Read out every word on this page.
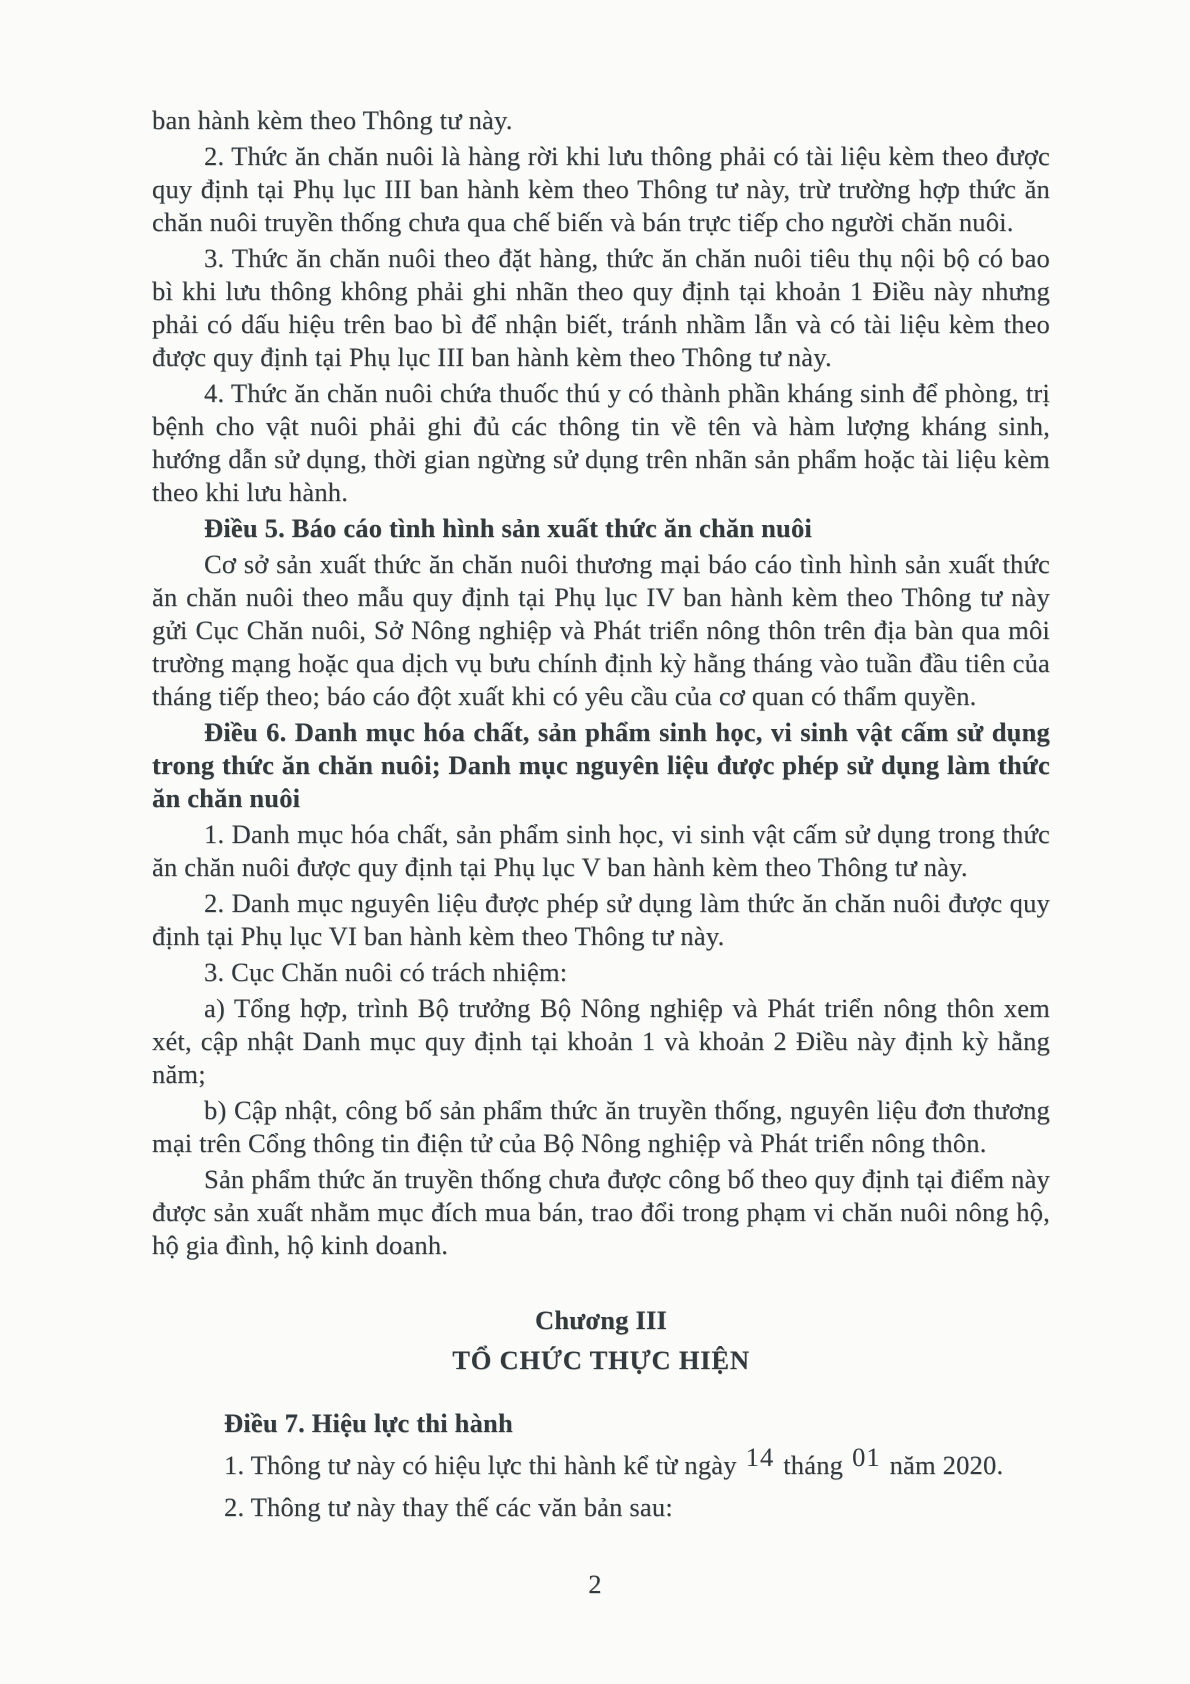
ban hành kèm theo Thông tư này.

2. Thức ăn chăn nuôi là hàng rời khi lưu thông phải có tài liệu kèm theo được quy định tại Phụ lục III ban hành kèm theo Thông tư này, trừ trường hợp thức ăn chăn nuôi truyền thống chưa qua chế biến và bán trực tiếp cho người chăn nuôi.

3. Thức ăn chăn nuôi theo đặt hàng, thức ăn chăn nuôi tiêu thụ nội bộ có bao bì khi lưu thông không phải ghi nhãn theo quy định tại khoản 1 Điều này nhưng phải có dấu hiệu trên bao bì để nhận biết, tránh nhầm lẫn và có tài liệu kèm theo được quy định tại Phụ lục III ban hành kèm theo Thông tư này.

4. Thức ăn chăn nuôi chứa thuốc thú y có thành phần kháng sinh để phòng, trị bệnh cho vật nuôi phải ghi đủ các thông tin về tên và hàm lượng kháng sinh, hướng dẫn sử dụng, thời gian ngừng sử dụng trên nhãn sản phẩm hoặc tài liệu kèm theo khi lưu hành.

Điều 5. Báo cáo tình hình sản xuất thức ăn chăn nuôi

Cơ sở sản xuất thức ăn chăn nuôi thương mại báo cáo tình hình sản xuất thức ăn chăn nuôi theo mẫu quy định tại Phụ lục IV ban hành kèm theo Thông tư này gửi Cục Chăn nuôi, Sở Nông nghiệp và Phát triển nông thôn trên địa bàn qua môi trường mạng hoặc qua dịch vụ bưu chính định kỳ hằng tháng vào tuần đầu tiên của tháng tiếp theo; báo cáo đột xuất khi có yêu cầu của cơ quan có thẩm quyền.

Điều 6. Danh mục hóa chất, sản phẩm sinh học, vi sinh vật cấm sử dụng trong thức ăn chăn nuôi; Danh mục nguyên liệu được phép sử dụng làm thức ăn chăn nuôi

1. Danh mục hóa chất, sản phẩm sinh học, vi sinh vật cấm sử dụng trong thức ăn chăn nuôi được quy định tại Phụ lục V ban hành kèm theo Thông tư này.

2. Danh mục nguyên liệu được phép sử dụng làm thức ăn chăn nuôi được quy định tại Phụ lục VI ban hành kèm theo Thông tư này.

3. Cục Chăn nuôi có trách nhiệm:

a) Tổng hợp, trình Bộ trưởng Bộ Nông nghiệp và Phát triển nông thôn xem xét, cập nhật Danh mục quy định tại khoản 1 và khoản 2 Điều này định kỳ hằng năm;

b) Cập nhật, công bố sản phẩm thức ăn truyền thống, nguyên liệu đơn thương mại trên Cổng thông tin điện tử của Bộ Nông nghiệp và Phát triển nông thôn.

Sản phẩm thức ăn truyền thống chưa được công bố theo quy định tại điểm này được sản xuất nhằm mục đích mua bán, trao đổi trong phạm vi chăn nuôi nông hộ, hộ gia đình, hộ kinh doanh.

Chương III

TỔ CHỨC THỰC HIỆN

Điều 7. Hiệu lực thi hành

1. Thông tư này có hiệu lực thi hành kể từ ngày 14 tháng 01 năm 2020.

2. Thông tư này thay thế các văn bản sau:

2
